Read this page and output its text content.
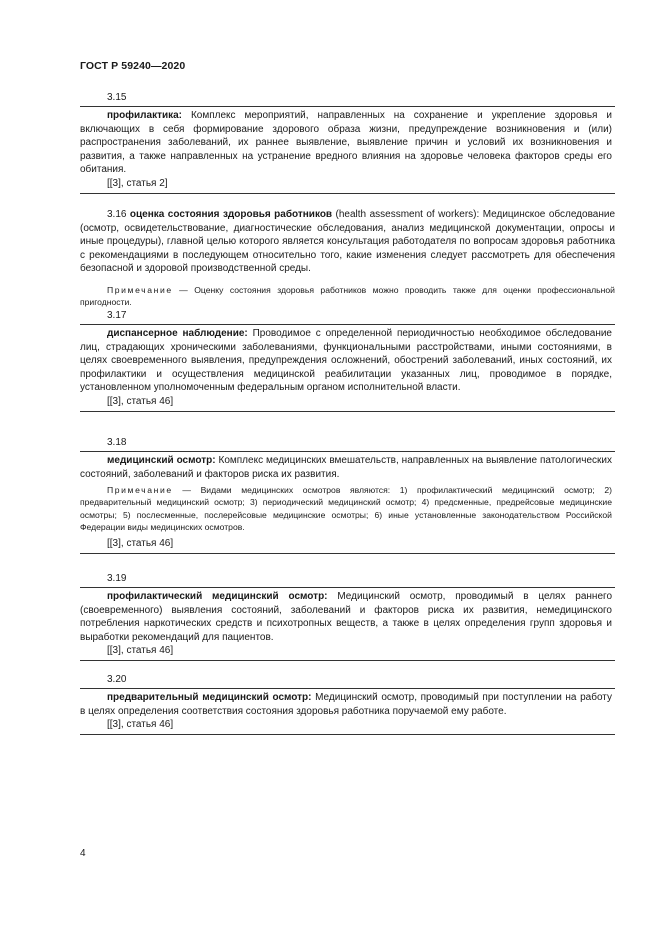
ГОСТ Р 59240—2020
3.15

профилактика: Комплекс мероприятий, направленных на сохранение и укрепление здоровья и включающих в себя формирование здорового образа жизни, предупреждение возникновения и (или) распространения заболеваний, их раннее выявление, выявление причин и условий их возникновения и развития, а также направленных на устранение вредного влияния на здоровье человека факторов среды его обитания.

[[3], статья 2]

3.16 оценка состояния здоровья работников (health assessment of workers): Медицинское обследование (осмотр, освидетельствование, диагностические обследования, анализ медицинской документации, опросы и иные процедуры), главной целью которого является консультация работодателя по вопросам здоровья работника с рекомендациями в последующем относительно того, какие изменения следует рассмотреть для обеспечения безопасной и здоровой производственной среды.

Примечание — Оценку состояния здоровья работников можно проводить также для оценки профессиональной пригодности.

3.17

диспансерное наблюдение: Проводимое с определенной периодичностью необходимое обследование лиц, страдающих хроническими заболеваниями, функциональными расстройствами, иными состояниями, в целях своевременного выявления, предупреждения осложнений, обострений заболеваний, иных состояний, их профилактики и осуществления медицинской реабилитации указанных лиц, проводимое в порядке, установленном уполномоченным федеральным органом исполнительной власти.

[[3], статья 46]

3.18

медицинский осмотр: Комплекс медицинских вмешательств, направленных на выявление патологических состояний, заболеваний и факторов риска их развития.

Примечание — Видами медицинских осмотров являются: 1) профилактический медицинский осмотр; 2) предварительный медицинский осмотр; 3) периодический медицинский осмотр; 4) предсменные, предрейсовые медицинские осмотры; 5) послесменные, послерейсовые медицинские осмотры; 6) иные установленные законодательством Российской Федерации виды медицинских осмотров.

[[3], статья 46]

3.19

профилактический медицинский осмотр: Медицинский осмотр, проводимый в целях раннего (своевременного) выявления состояний, заболеваний и факторов риска их развития, немедицинского потребления наркотических средств и психотропных веществ, а также в целях определения групп здоровья и выработки рекомендаций для пациентов.

[[3], статья 46]

3.20

предварительный медицинский осмотр: Медицинский осмотр, проводимый при поступлении на работу в целях определения соответствия состояния здоровья работника поручаемой ему работе.

[[3], статья 46]

4
